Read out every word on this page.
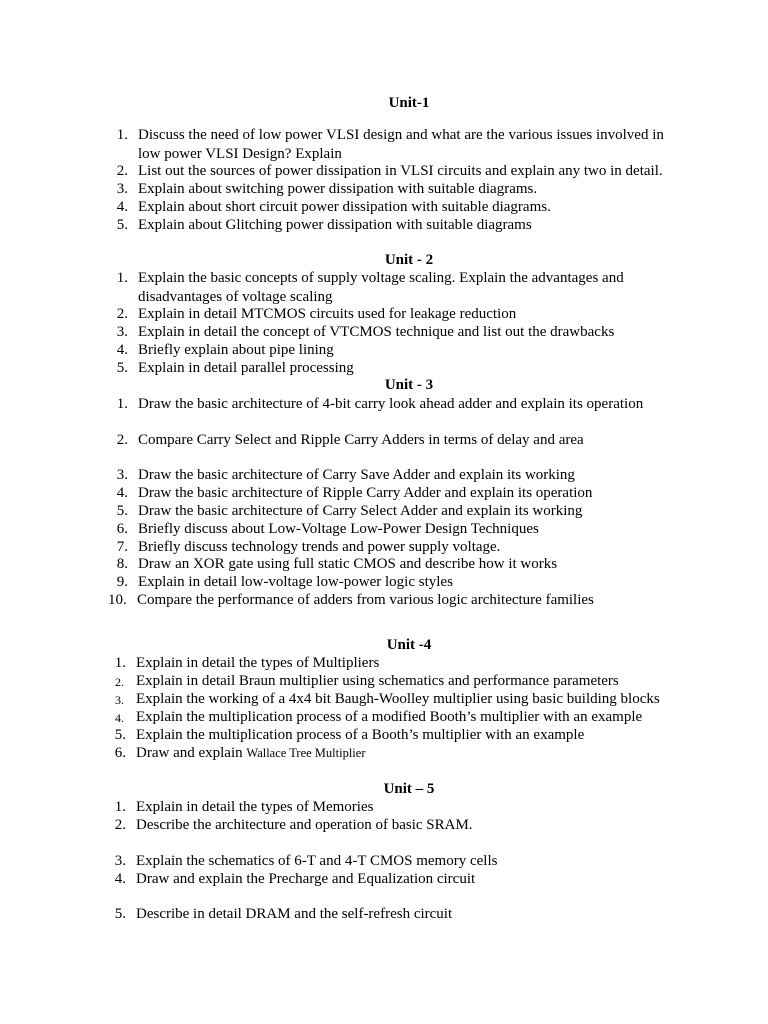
Unit-1
1. Discuss the need of low power VLSI design and what are the various issues involved in
low power VLSI Design? Explain
2. List out the sources of power dissipation in VLSI circuits and explain any two in detail.
3. Explain about switching power dissipation with suitable diagrams.
4. Explain about short circuit power dissipation with suitable diagrams.
5. Explain about Glitching power dissipation with suitable diagrams
Unit - 2
1. Explain the basic concepts of supply voltage scaling. Explain the advantages and
disadvantages of voltage scaling
2. Explain in detail MTCMOS circuits used for leakage reduction
3. Explain in detail the concept of VTCMOS technique and list out the drawbacks
4. Briefly explain about pipe lining
5. Explain in detail parallel processing
Unit - 3
1. Draw the basic architecture of 4-bit carry look ahead adder and explain its operation
2. Compare Carry Select and Ripple Carry Adders in terms of delay and area
3. Draw the basic architecture of Carry Save Adder and explain its working
4. Draw the basic architecture of Ripple Carry Adder and explain its operation
5. Draw the basic architecture of Carry Select Adder and explain its working
6. Briefly discuss about Low-Voltage Low-Power Design Techniques
7. Briefly discuss technology trends and power supply voltage.
8. Draw an XOR gate using full static CMOS and describe how it works
9. Explain in detail low-voltage low-power logic styles
10. Compare the performance of adders from various logic architecture families
Unit -4
1. Explain in detail the types of Multipliers
2. Explain in detail Braun multiplier using schematics and performance parameters
3. Explain the working of a 4x4 bit Baugh-Woolley multiplier using basic building blocks
4. Explain the multiplication process of a modified Booth’s multiplier with an example
5. Explain the multiplication process of a Booth’s multiplier with an example
6. Draw and explain Wallace Tree Multiplier
Unit – 5
1. Explain in detail the types of Memories
2. Describe the architecture and operation of basic SRAM.
3. Explain the schematics of 6-T and 4-T CMOS memory cells
4. Draw and explain the Precharge and Equalization circuit
5. Describe in detail DRAM and the self-refresh circuit
